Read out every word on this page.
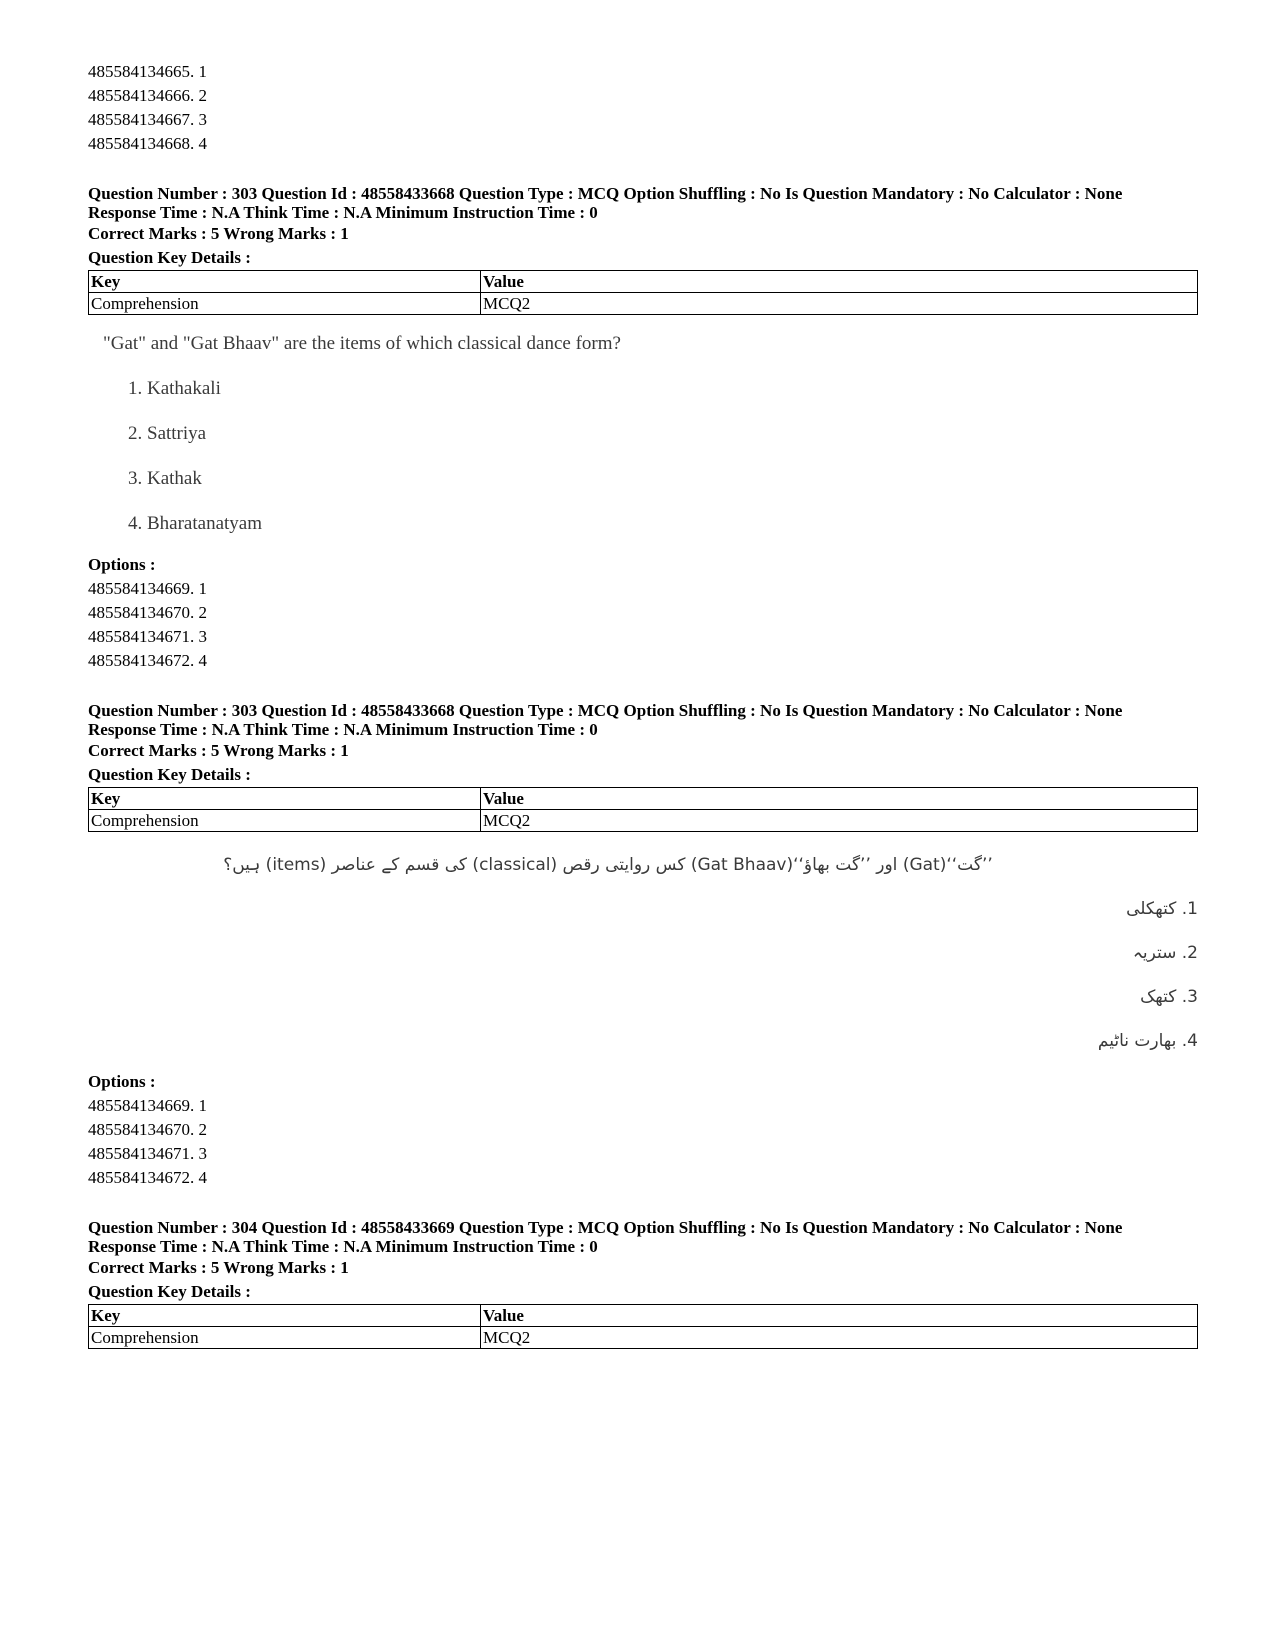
485584134665. 1
485584134666. 2
485584134667. 3
485584134668. 4

Question Number : 303 Question Id : 48558433668 Question Type : MCQ Option Shuffling : No Is Question Mandatory : No Calculator : None

Response Time : N.A Think Time : N.A Minimum Instruction Time : 0

Correct Marks : 5 Wrong Marks : 1
Question Key Details :
Key	Value
Comprehension	MCQ2
"Gat" and "Gat Bhaav" are the items of which classical dance form?
1. Kathakali
2. Sattriya
3. Kathak
4. Bharatanatyam
Options :
485584134669. 1
485584134670. 2
485584134671. 3
485584134672. 4

Question Number : 303 Question Id : 48558433668 Question Type : MCQ Option Shuffling : No Is Question Mandatory : No Calculator : None

Response Time : N.A Think Time : N.A Minimum Instruction Time : 0

Correct Marks : 5 Wrong Marks : 1
Question Key Details :
Key	Value
Comprehension	MCQ2
’’گت‘‘(Gat) اور ’’گت بھاؤ‘‘(Gat Bhaav) کس روایتی رقص (classical) کی قسم کے عناصر (items) ہیں؟
1. کتھکلی
2. ستریہ
3. کتھک
4. بھارت ناٹیم
Options :
485584134669. 1
485584134670. 2
485584134671. 3
485584134672. 4

Question Number : 304 Question Id : 48558433669 Question Type : MCQ Option Shuffling : No Is Question Mandatory : No Calculator : None

Response Time : N.A Think Time : N.A Minimum Instruction Time : 0

Correct Marks : 5 Wrong Marks : 1
Question Key Details :
Key	Value
Comprehension	MCQ2
